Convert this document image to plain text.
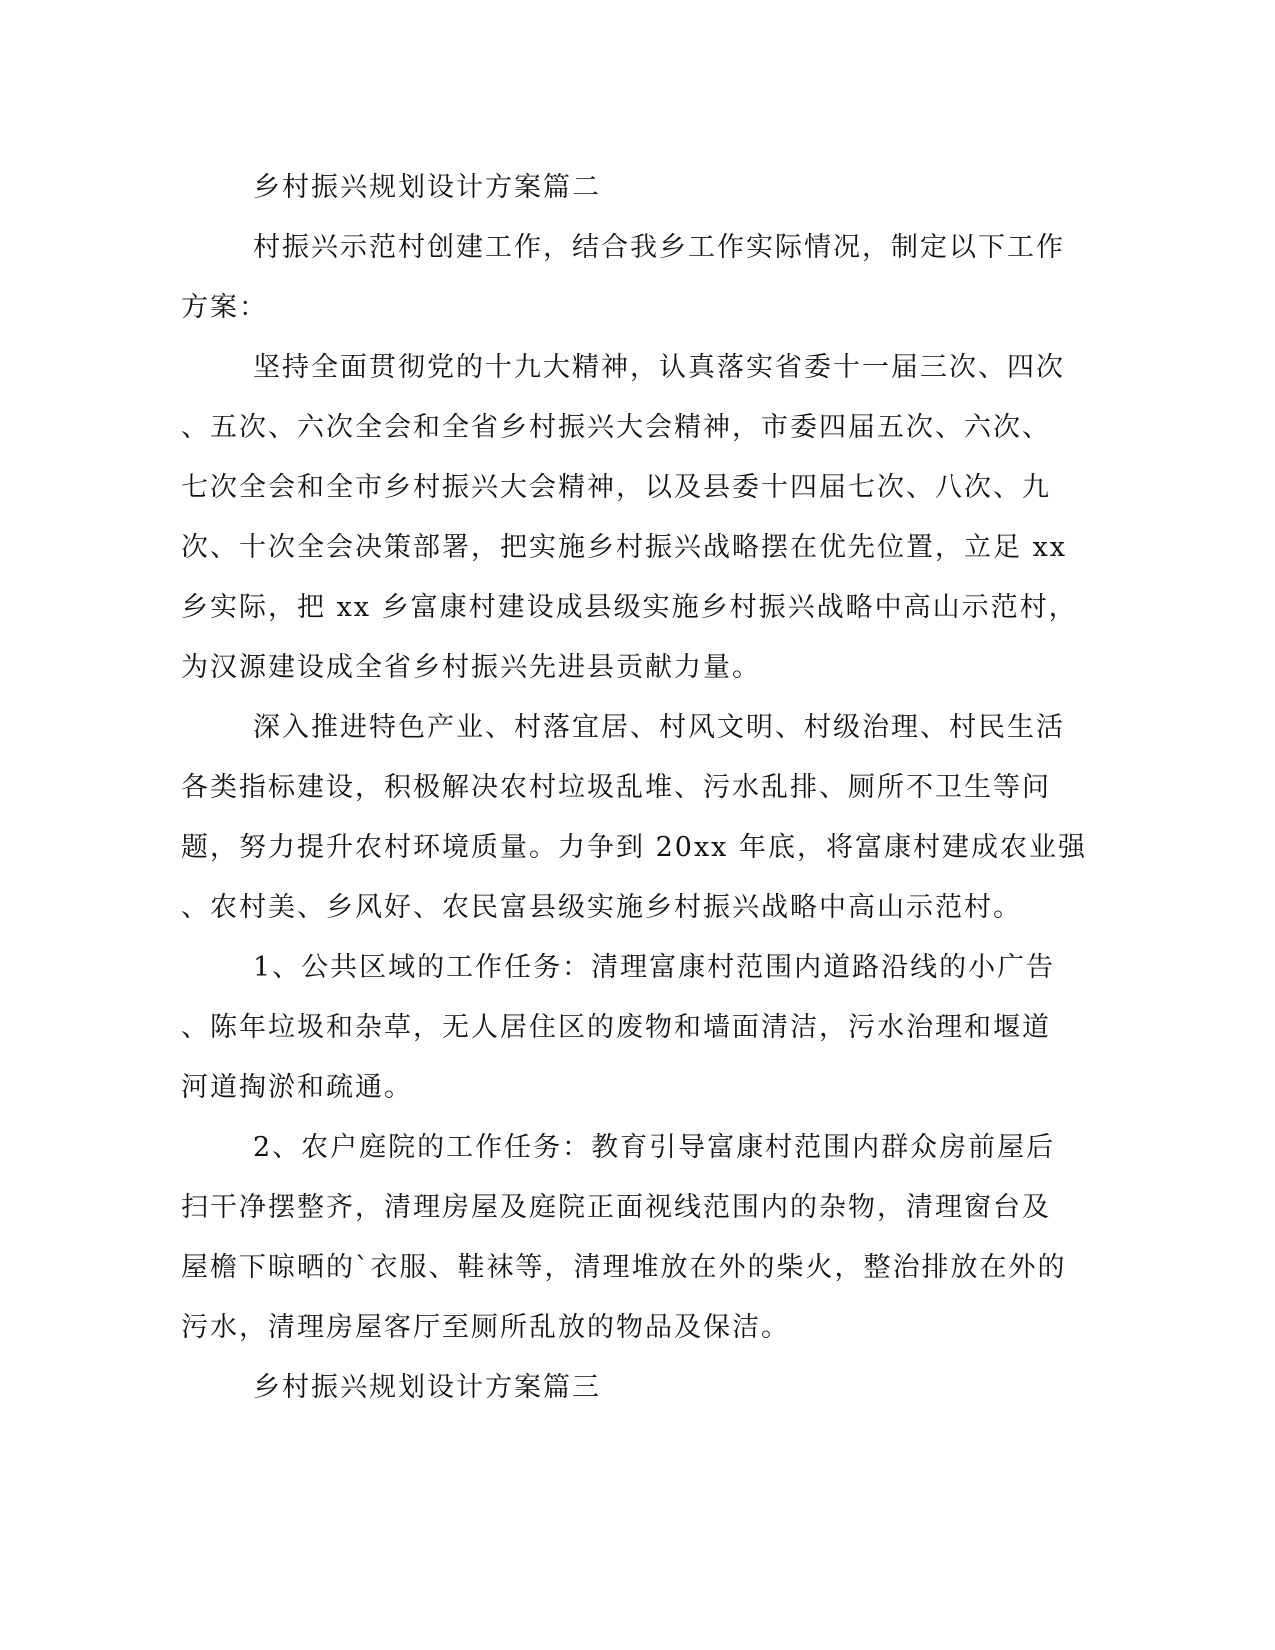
乡村振兴规划设计方案篇二
村振兴示范村创建工作，结合我乡工作实际情况，制定以下工作
方案：
坚持全面贯彻党的十九大精神，认真落实省委十一届三次、四次
、五次、六次全会和全省乡村振兴大会精神，市委四届五次、六次、
七次全会和全市乡村振兴大会精神，以及县委十四届七次、八次、九
次、十次全会决策部署，把实施乡村振兴战略摆在优先位置，立足 xx
乡实际，把 xx 乡富康村建设成县级实施乡村振兴战略中高山示范村，
为汉源建设成全省乡村振兴先进县贡献力量。
深入推进特色产业、村落宜居、村风文明、村级治理、村民生活
各类指标建设，积极解决农村垃圾乱堆、污水乱排、厕所不卫生等问
题，努力提升农村环境质量。力争到 20xx 年底，将富康村建成农业强
、农村美、乡风好、农民富县级实施乡村振兴战略中高山示范村。
1、公共区域的工作任务：清理富康村范围内道路沿线的小广告
、陈年垃圾和杂草，无人居住区的废物和墙面清洁，污水治理和堰道
河道掏淤和疏通。
2、农户庭院的工作任务：教育引导富康村范围内群众房前屋后
扫干净摆整齐，清理房屋及庭院正面视线范围内的杂物，清理窗台及
屋檐下晾晒的`衣服、鞋袜等，清理堆放在外的柴火，整治排放在外的
污水，清理房屋客厅至厕所乱放的物品及保洁。
乡村振兴规划设计方案篇三
